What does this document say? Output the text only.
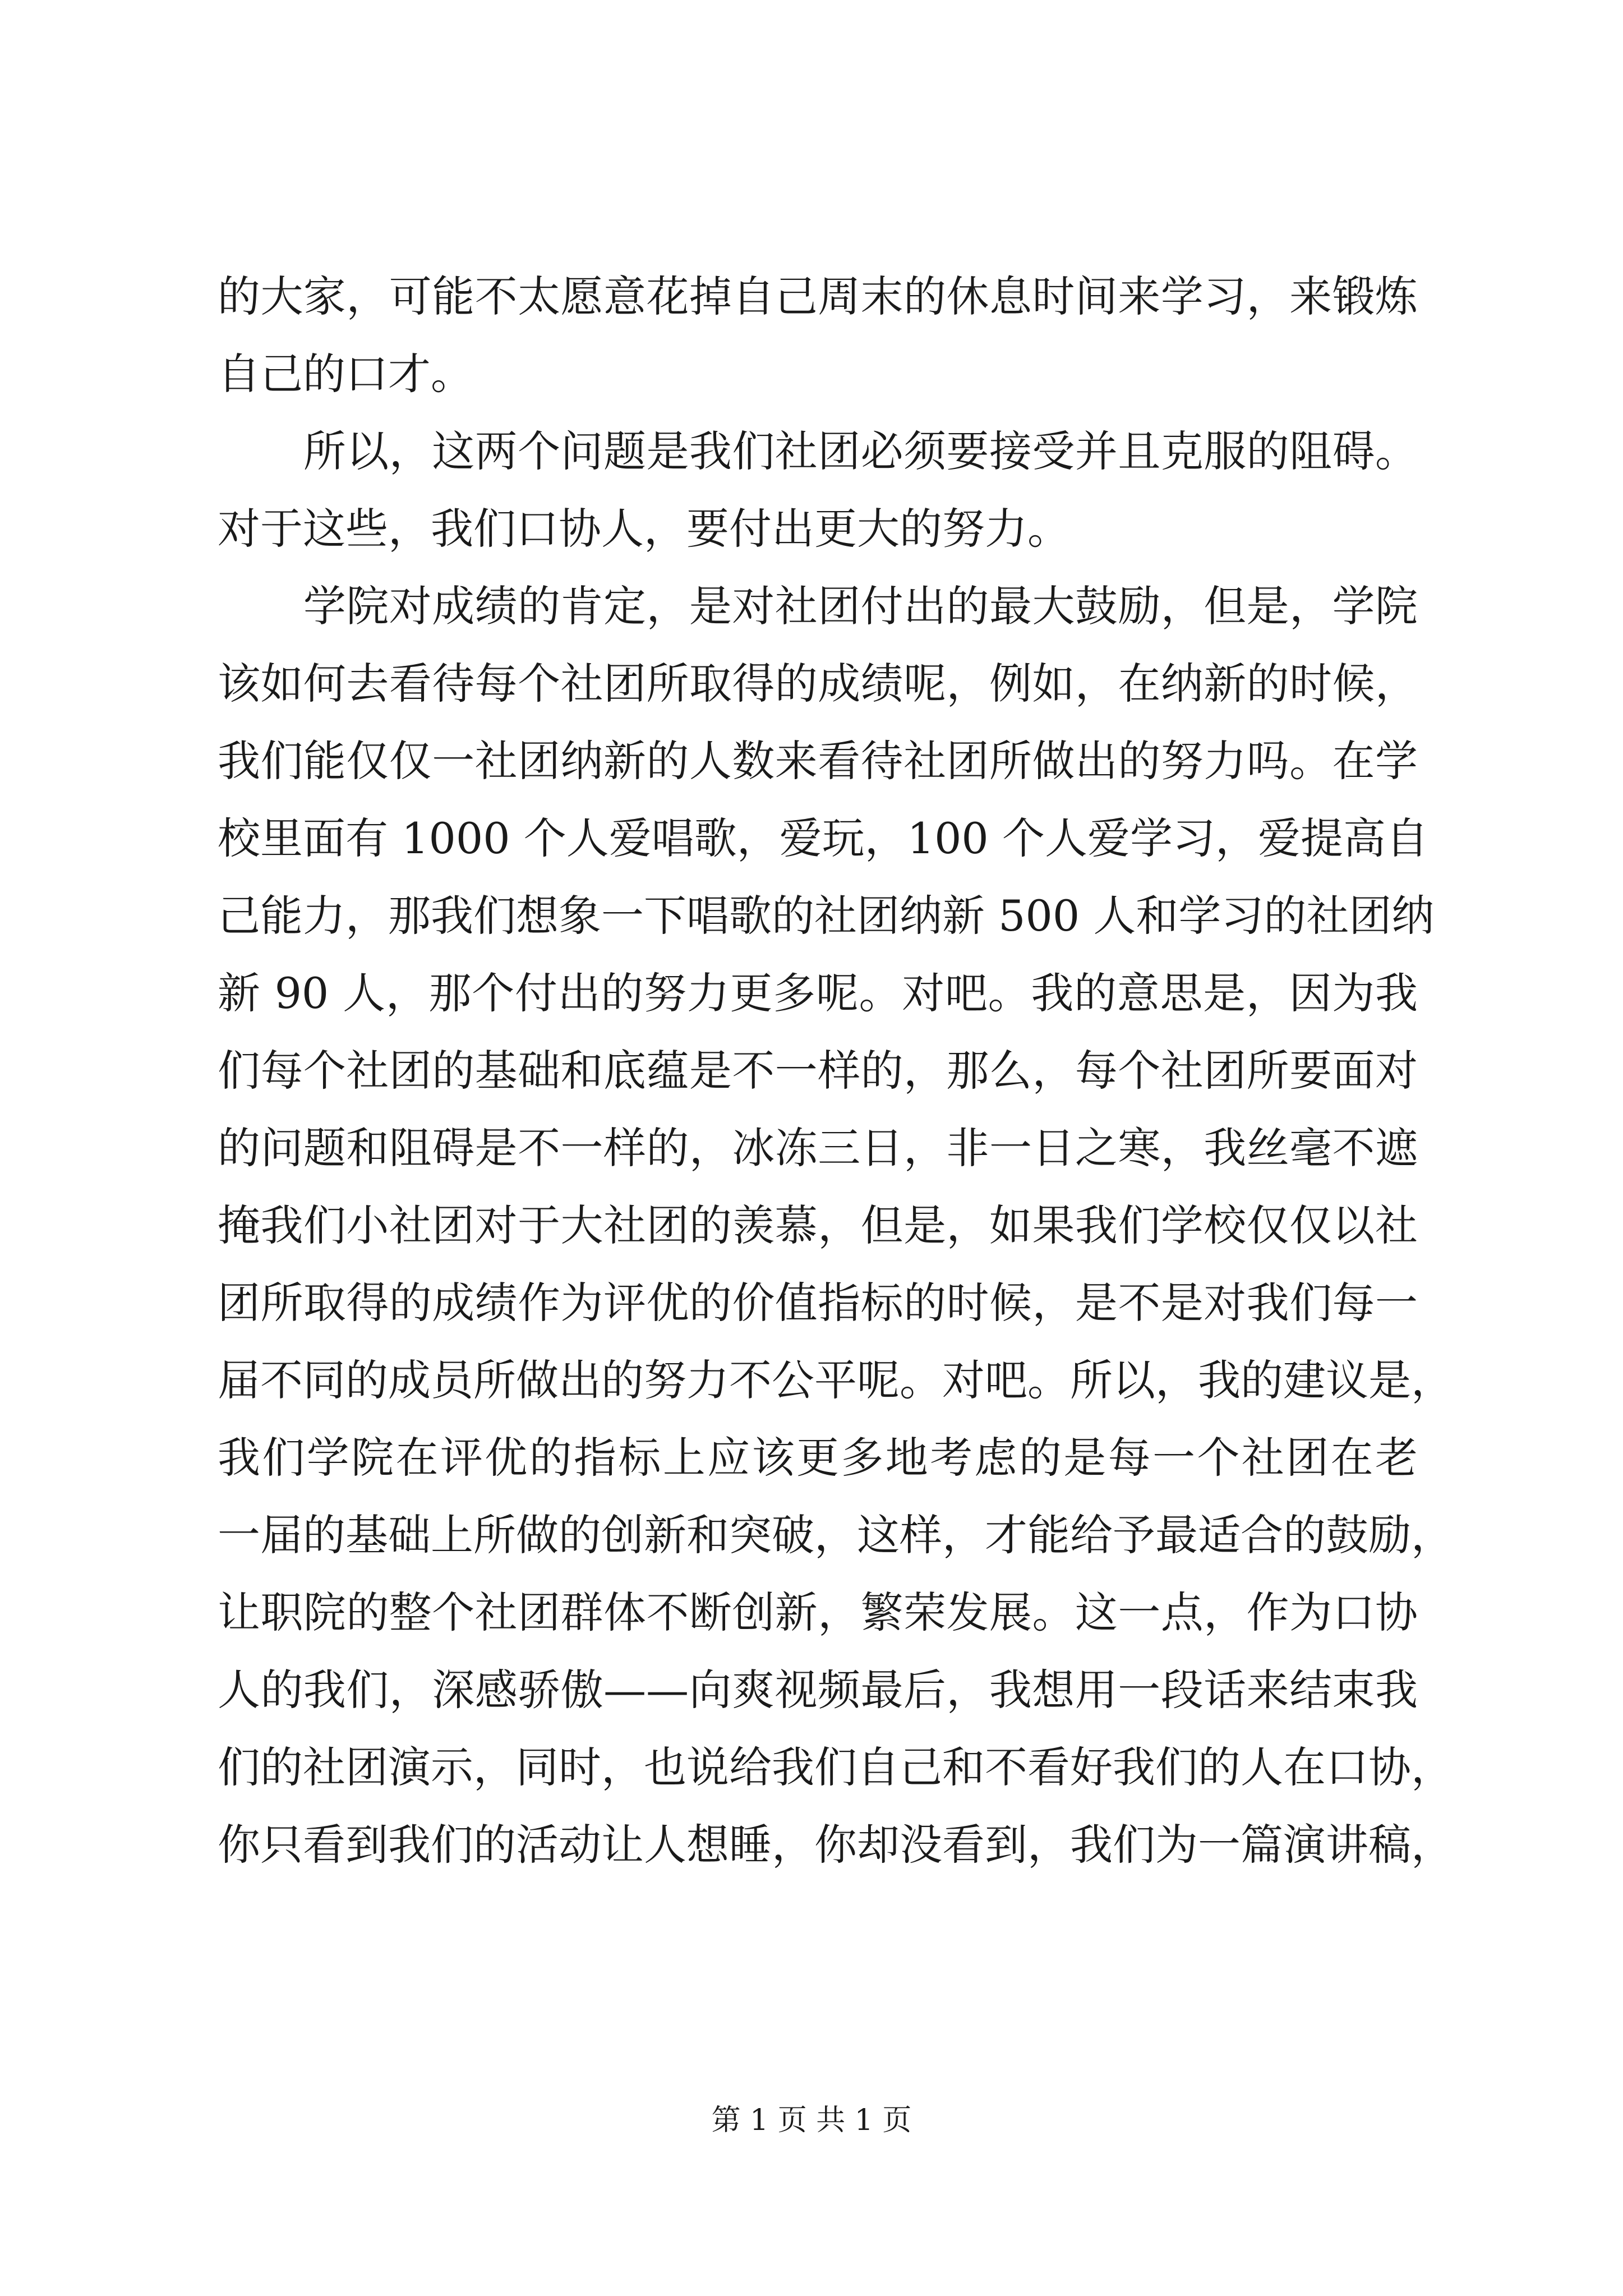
的大家，可能不太愿意花掉自己周末的休息时间来学习，来锻炼
自己的口才。
　　所以，这两个问题是我们社团必须要接受并且克服的阻碍。
对于这些，我们口协人，要付出更大的努力。
　　学院对成绩的肯定，是对社团付出的最大鼓励，但是，学院
该如何去看待每个社团所取得的成绩呢，例如，在纳新的时候，
我们能仅仅一社团纳新的人数来看待社团所做出的努力吗。在学
校里面有 1000 个人爱唱歌，爱玩，100 个人爱学习，爱提高自
己能力，那我们想象一下唱歌的社团纳新 500 人和学习的社团纳
新 90 人，那个付出的努力更多呢。对吧。我的意思是，因为我
们每个社团的基础和底蕴是不一样的，那么，每个社团所要面对
的问题和阻碍是不一样的，冰冻三日，非一日之寒，我丝毫不遮
掩我们小社团对于大社团的羡慕，但是，如果我们学校仅仅以社
团所取得的成绩作为评优的价值指标的时候，是不是对我们每一
届不同的成员所做出的努力不公平呢。对吧。所以，我的建议是，
我们学院在评优的指标上应该更多地考虑的是每一个社团在老
一届的基础上所做的创新和突破，这样，才能给予最适合的鼓励，
让职院的整个社团群体不断创新，繁荣发展。这一点，作为口协
人的我们，深感骄傲——向爽视频最后，我想用一段话来结束我
们的社团演示，同时，也说给我们自己和不看好我们的人在口协，
你只看到我们的活动让人想睡，你却没看到，我们为一篇演讲稿，
第 1 页 共 1 页
